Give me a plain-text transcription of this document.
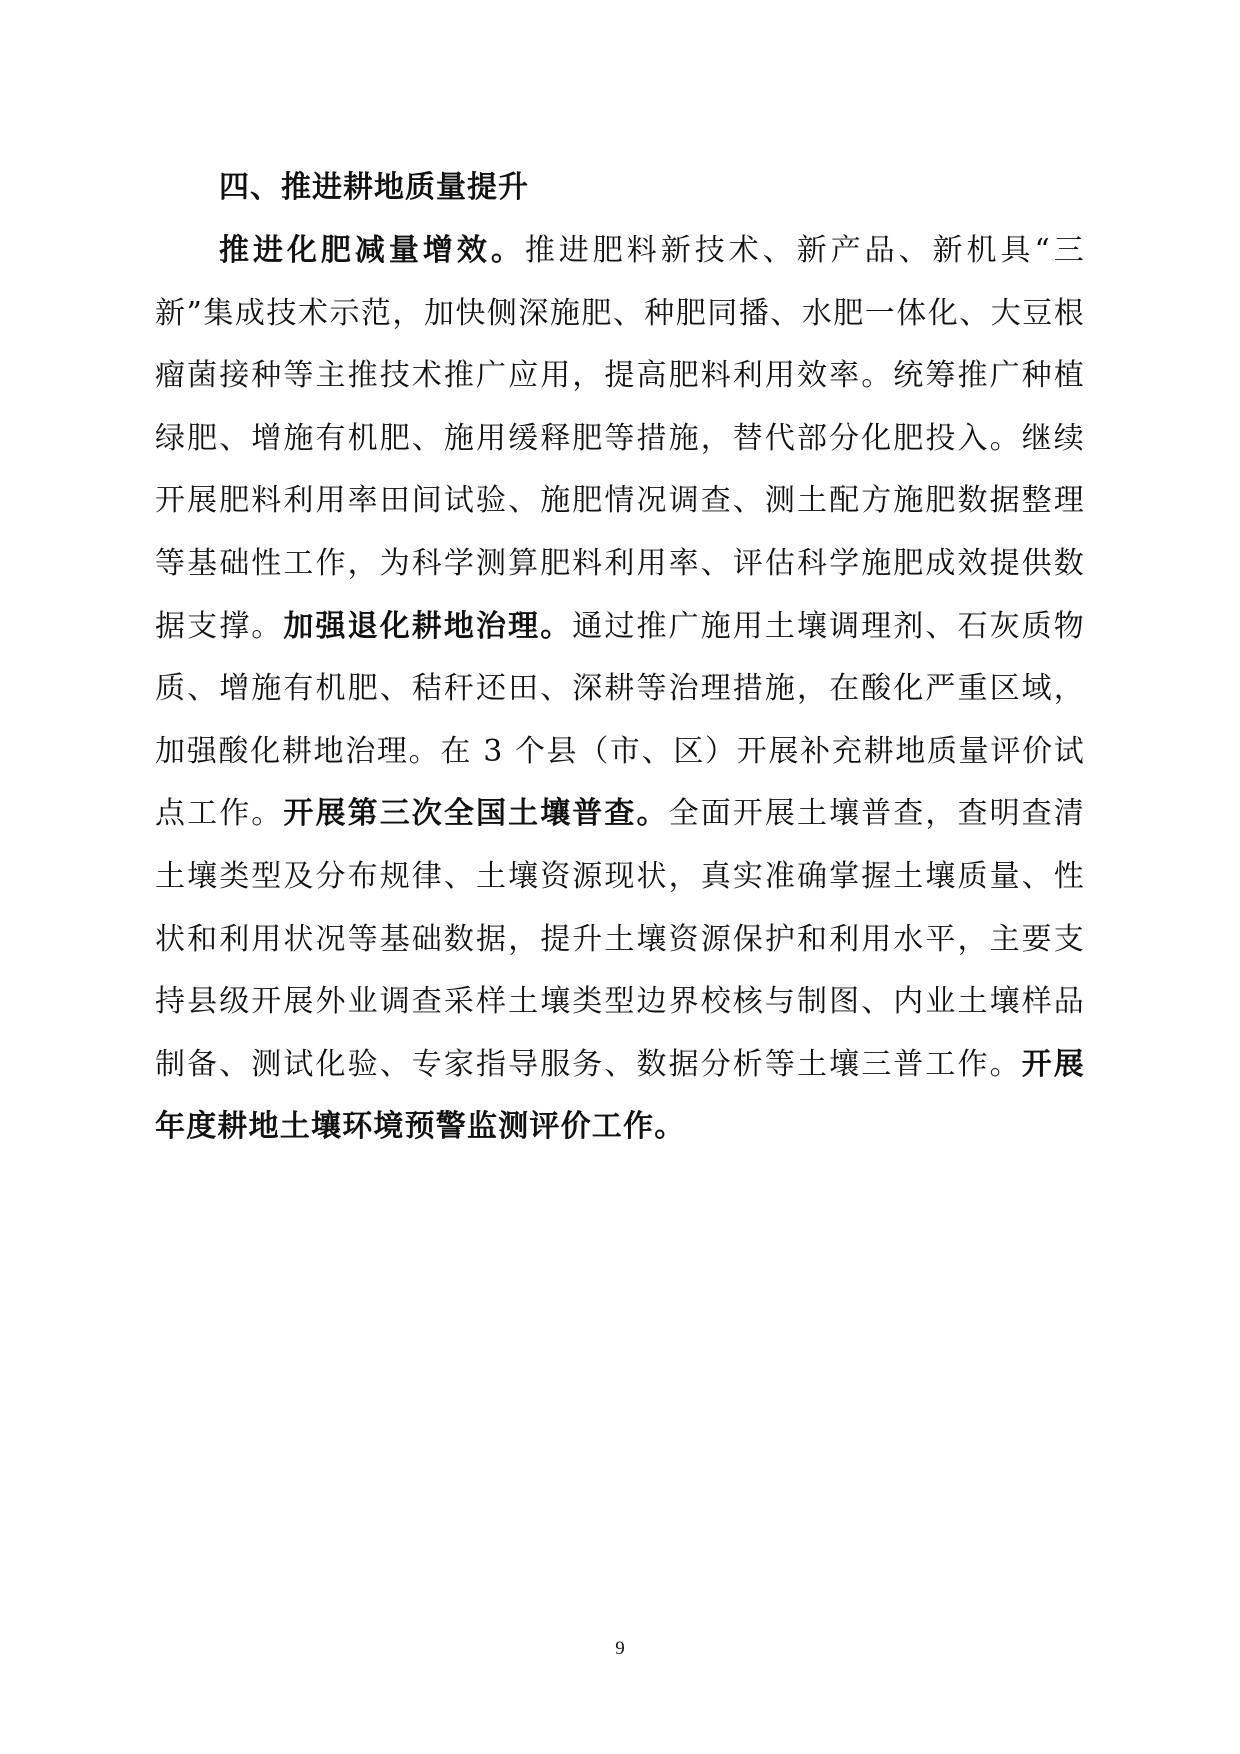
四、推进耕地质量提升

推进化肥减量增效。推进肥料新技术、新产品、新机具“三新”集成技术示范，加快侧深施肥、种肥同播、水肥一体化、大豆根瘤菌接种等主推技术推广应用，提高肥料利用效率。统筹推广种植绿肥、增施有机肥、施用缓释肥等措施，替代部分化肥投入。继续开展肥料利用率田间试验、施肥情况调查、测土配方施肥数据整理等基础性工作，为科学测算肥料利用率、评估科学施肥成效提供数据支撑。加强退化耕地治理。通过推广施用土壤调理剂、石灰质物质、增施有机肥、秸秆还田、深耕等治理措施，在酸化严重区域，加强酸化耕地治理。在 3 个县（市、区）开展补充耕地质量评价试点工作。开展第三次全国土壤普查。全面开展土壤普查，查明查清土壤类型及分布规律、土壤资源现状，真实准确掌握土壤质量、性状和利用状况等基础数据，提升土壤资源保护和利用水平，主要支持县级开展外业调查采样土壤类型边界校核与制图、内业土壤样品制备、测试化验、专家指导服务、数据分析等土壤三普工作。开展年度耕地土壤环境预警监测评价工作。

9
